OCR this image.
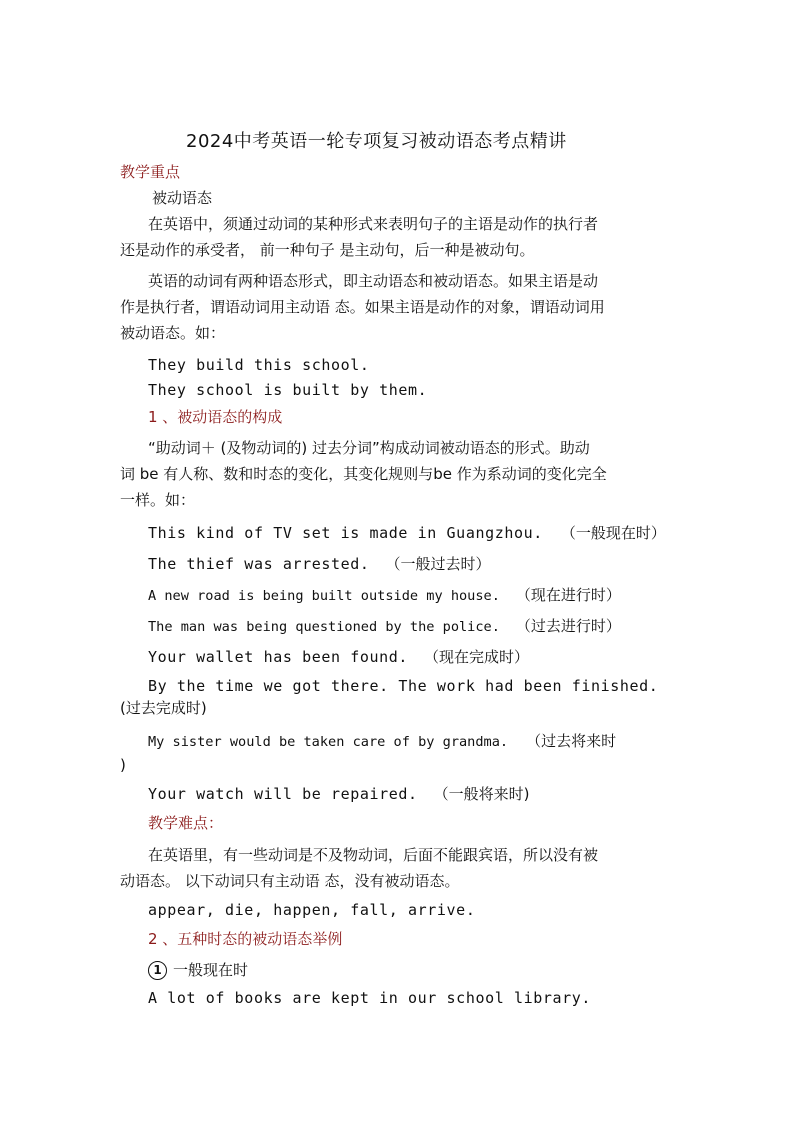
2024中考英语一轮专项复习被动语态考点精讲
教学重点
被动语态
在英语中，须通过动词的某种形式来表明句子的主语是动作的执行者
还是动作的承受者， 前一种句子 是主动句，后一种是被动句。
英语的动词有两种语态形式，即主动语态和被动语态。如果主语是动
作是执行者，谓语动词用主动语 态。如果主语是动作的对象，谓语动词用
被动语态。如：
They build this school.
They school is built by them.
1 、被动语态的构成
“助动词＋ (及物动词的) 过去分词”构成动词被动语态的形式。助动
词 be 有人称、数和时态的变化，其变化规则与be 作为系动词的变化完全
一样。如：
This kind of TV set is made in Guangzhou. （一般现在时）
The thief was arrested. （一般过去时）
A new road is being built outside my house. （现在进行时）
The man was being questioned by the police. （过去进行时）
Your wallet has been found. （现在完成时）
By the time we got there. The work had been finished.
(过去完成时)
My sister would be taken care of by grandma. （过去将来时
)
Your watch will be repaired. （一般将来时)
教学难点：
在英语里，有一些动词是不及物动词，后面不能跟宾语，所以没有被
动语态。 以下动词只有主动语 态，没有被动语态。
appear, die, happen, fall, arrive.
2 、五种时态的被动语态举例
1 一般现在时
A lot of books are kept in our school library.
